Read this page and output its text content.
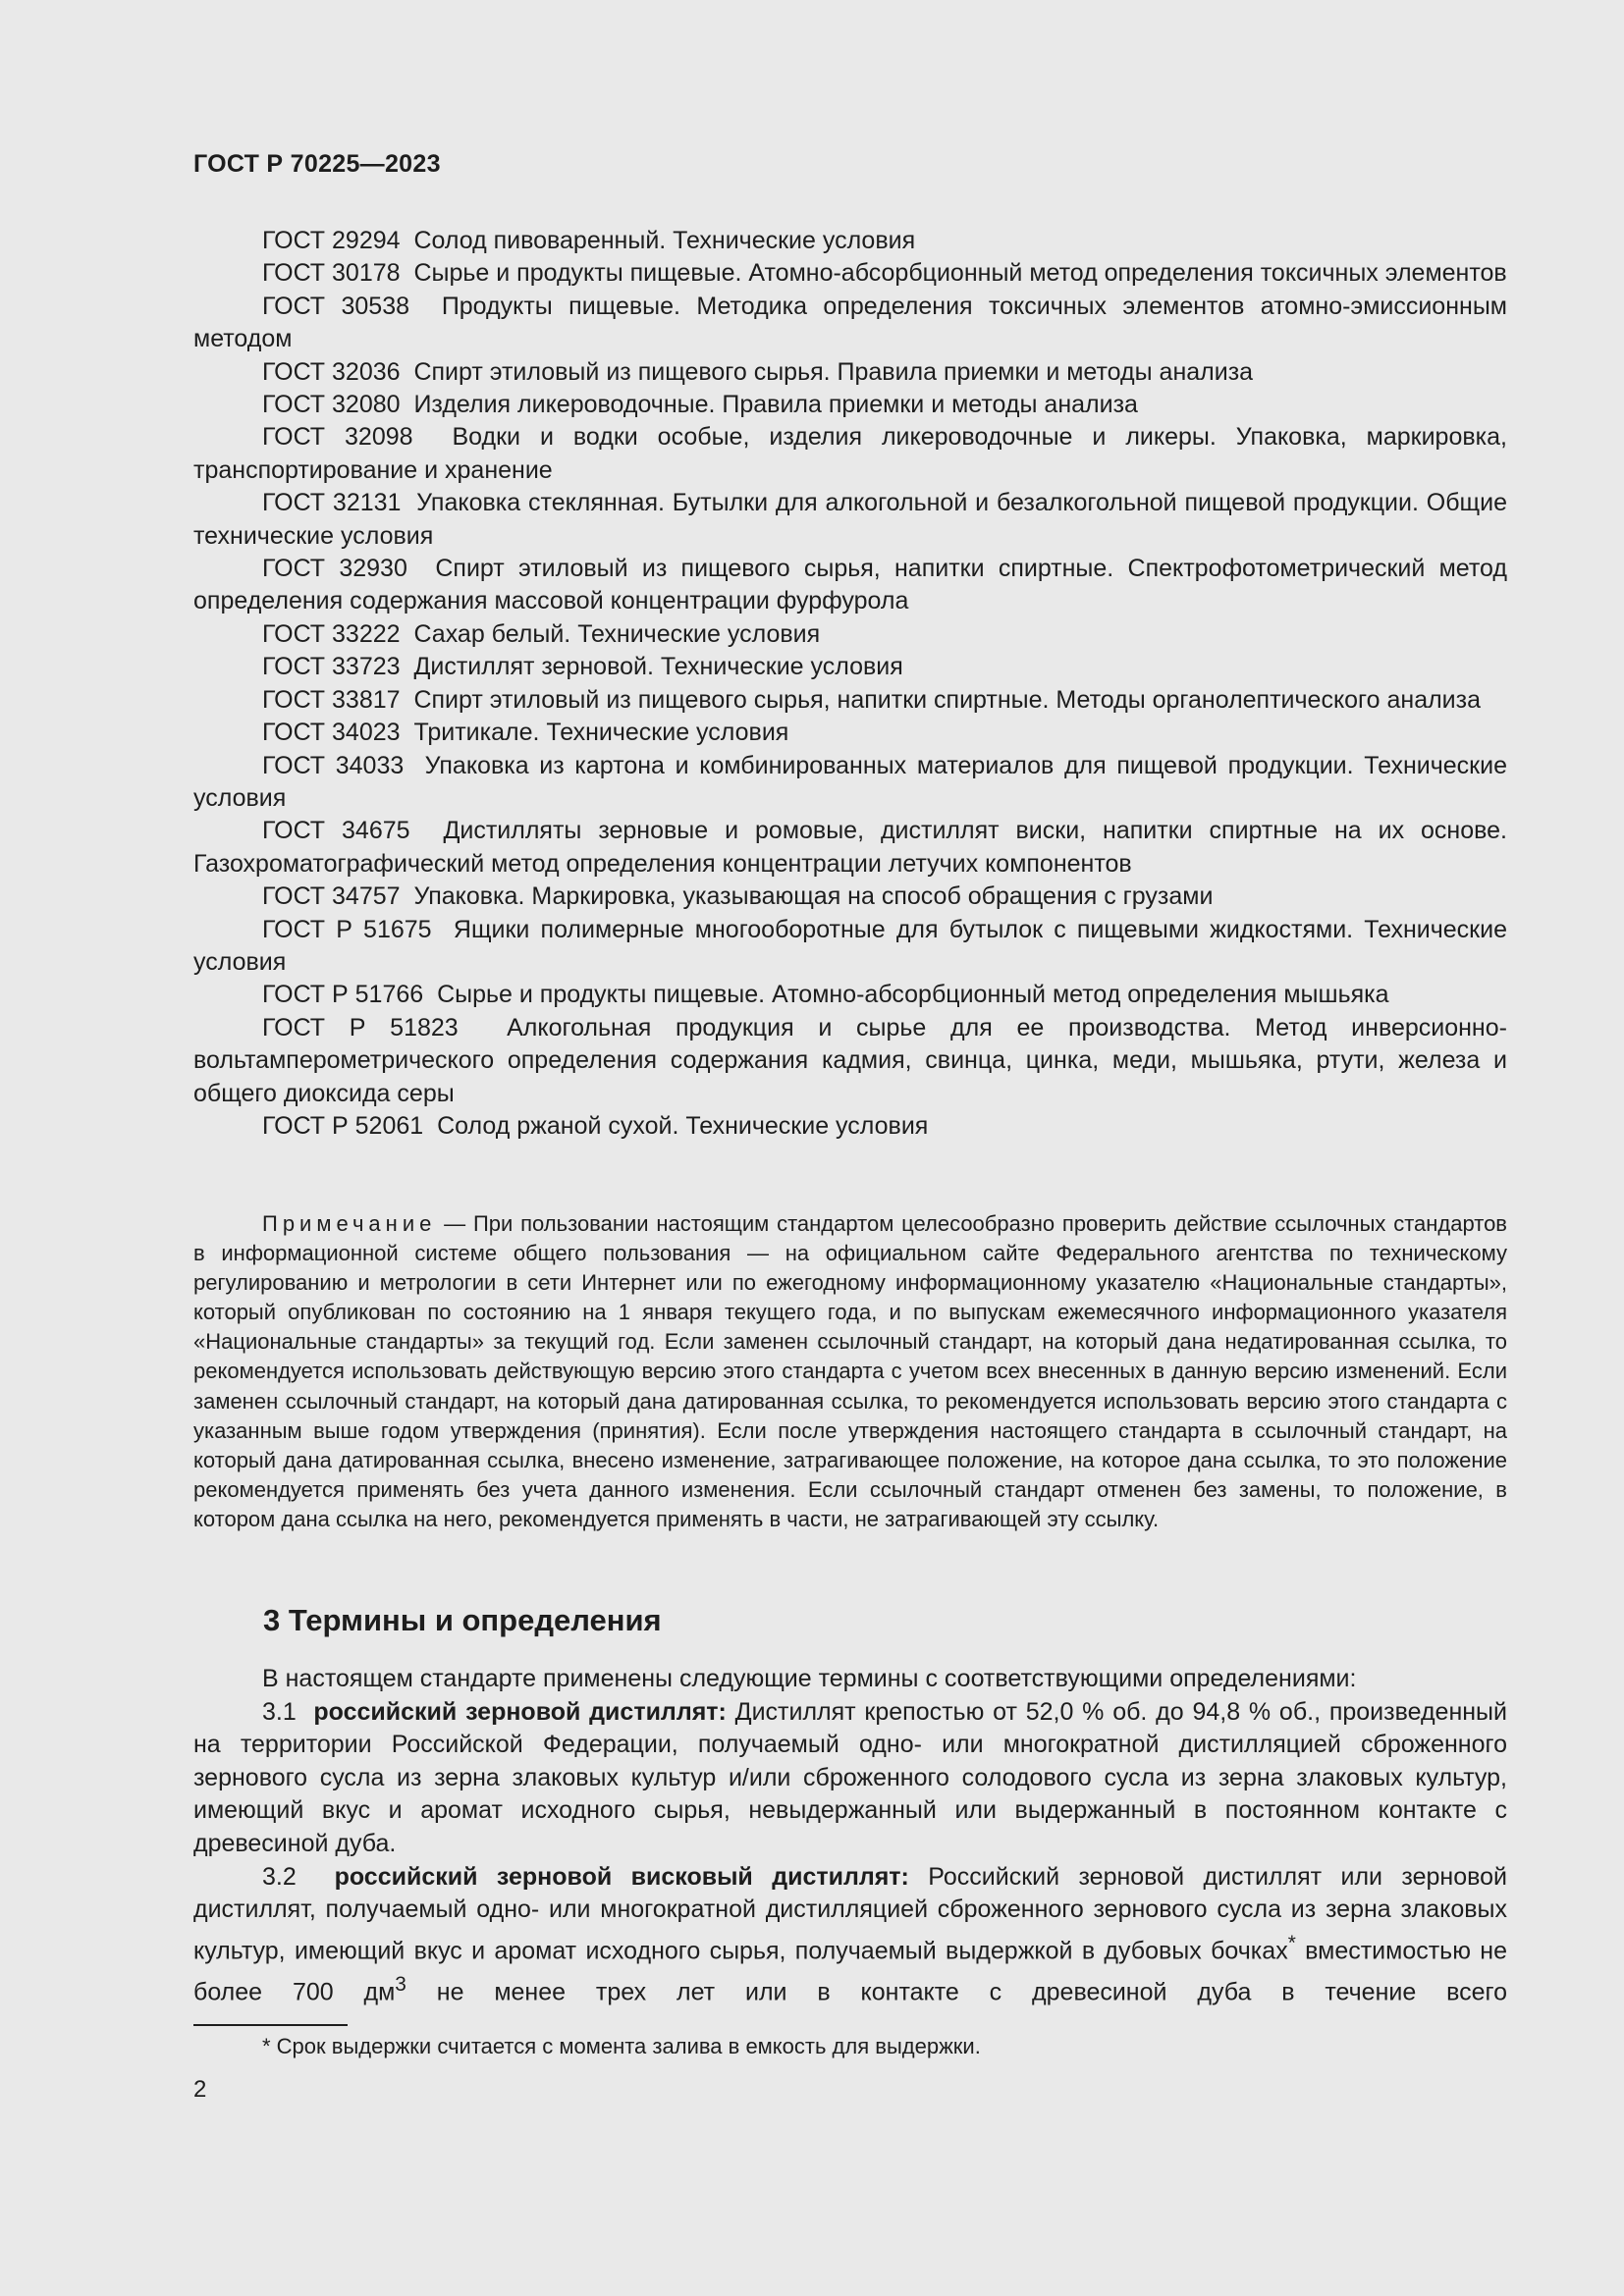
ГОСТ Р 70225—2023

ГОСТ 29294 Солод пивоваренный. Технические условия

ГОСТ 30178 Сырье и продукты пищевые. Атомно-абсорбционный метод определения токсичных элементов

ГОСТ 30538 Продукты пищевые. Методика определения токсичных элементов атомно-эмиссионным методом

ГОСТ 32036 Спирт этиловый из пищевого сырья. Правила приемки и методы анализа

ГОСТ 32080 Изделия ликероводочные. Правила приемки и методы анализа

ГОСТ 32098 Водки и водки особые, изделия ликероводочные и ликеры. Упаковка, маркировка, транспортирование и хранение

ГОСТ 32131 Упаковка стеклянная. Бутылки для алкогольной и безалкогольной пищевой продукции. Общие технические условия

ГОСТ 32930 Спирт этиловый из пищевого сырья, напитки спиртные. Спектрофотометрический метод определения содержания массовой концентрации фурфурола

ГОСТ 33222 Сахар белый. Технические условия

ГОСТ 33723 Дистиллят зерновой. Технические условия

ГОСТ 33817 Спирт этиловый из пищевого сырья, напитки спиртные. Методы органолептического анализа

ГОСТ 34023 Тритикале. Технические условия

ГОСТ 34033 Упаковка из картона и комбинированных материалов для пищевой продукции. Технические условия

ГОСТ 34675 Дистилляты зерновые и ромовые, дистиллят виски, напитки спиртные на их основе. Газохроматографический метод определения концентрации летучих компонентов

ГОСТ 34757 Упаковка. Маркировка, указывающая на способ обращения с грузами

ГОСТ Р 51675 Ящики полимерные многооборотные для бутылок с пищевыми жидкостями. Технические условия

ГОСТ Р 51766 Сырье и продукты пищевые. Атомно-абсорбционный метод определения мышьяка

ГОСТ Р 51823 Алкогольная продукция и сырье для ее производства. Метод инверсионно-вольтамперометрического определения содержания кадмия, свинца, цинка, меди, мышьяка, ртути, железа и общего диоксида серы

ГОСТ Р 52061 Солод ржаной сухой. Технические условия

Примечание — При пользовании настоящим стандартом целесообразно проверить действие ссылочных стандартов в информационной системе общего пользования — на официальном сайте Федерального агентства по техническому регулированию и метрологии в сети Интернет или по ежегодному информационному указателю «Национальные стандарты», который опубликован по состоянию на 1 января текущего года, и по выпускам ежемесячного информационного указателя «Национальные стандарты» за текущий год. Если заменен ссылочный стандарт, на который дана недатированная ссылка, то рекомендуется использовать действующую версию этого стандарта с учетом всех внесенных в данную версию изменений. Если заменен ссылочный стандарт, на который дана датированная ссылка, то рекомендуется использовать версию этого стандарта с указанным выше годом утверждения (принятия). Если после утверждения настоящего стандарта в ссылочный стандарт, на который дана датированная ссылка, внесено изменение, затрагивающее положение, на которое дана ссылка, то это положение рекомендуется применять без учета данного изменения. Если ссылочный стандарт отменен без замены, то положение, в котором дана ссылка на него, рекомендуется применять в части, не затрагивающей эту ссылку.

3 Термины и определения

В настоящем стандарте применены следующие термины с соответствующими определениями:

3.1 российский зерновой дистиллят: Дистиллят крепостью от 52,0 % об. до 94,8 % об., произведенный на территории Российской Федерации, получаемый одно- или многократной дистилляцией сброженного зернового сусла из зерна злаковых культур и/или сброженного солодового сусла из зерна злаковых культур, имеющий вкус и аромат исходного сырья, невыдержанный или выдержанный в постоянном контакте с древесиной дуба.

3.2 российский зерновой висковый дистиллят: Российский зерновой дистиллят или зерновой дистиллят, получаемый одно- или многократной дистилляцией сброженного зернового сусла из зерна злаковых культур, имеющий вкус и аромат исходного сырья, получаемый выдержкой в дубовых бочках* вместимостью не более 700 $дм^3$ не менее трех лет или в контакте с древесиной дуба в течение всего

* Срок выдержки считается с момента залива в емкость для выдержки.

2
